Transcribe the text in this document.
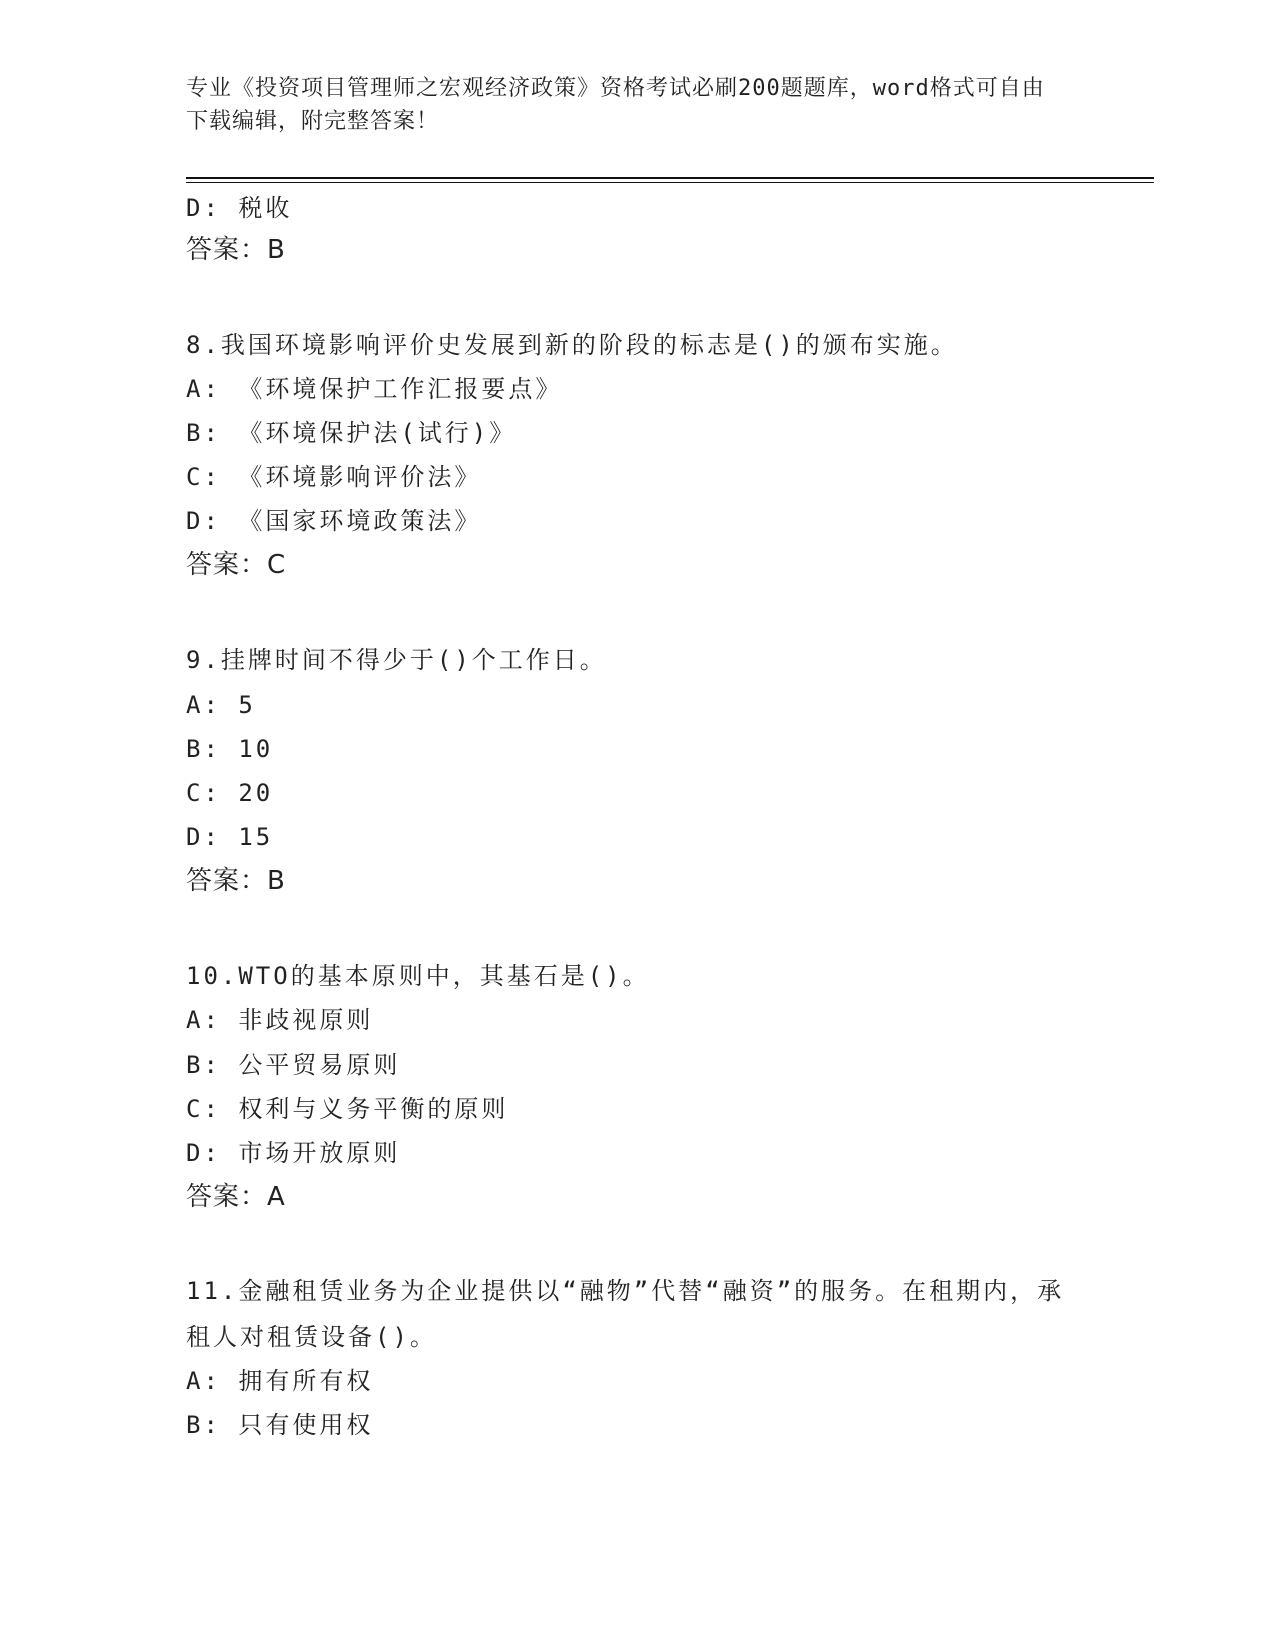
专业《投资项目管理师之宏观经济政策》资格考试必刷200题题库，word格式可自由下载编辑，附完整答案！
D: 税收
答案：B
8.我国环境影响评价史发展到新的阶段的标志是()的颁布实施。
A: 《环境保护工作汇报要点》
B: 《环境保护法(试行)》
C: 《环境影响评价法》
D: 《国家环境政策法》
答案：C
9.挂牌时间不得少于()个工作日。
A: 5
B: 10
C: 20
D: 15
答案：B
10.WTO的基本原则中，其基石是()。
A: 非歧视原则
B: 公平贸易原则
C: 权利与义务平衡的原则
D: 市场开放原则
答案：A
11.金融租赁业务为企业提供以“融物”代替“融资”的服务。在租期内，承租人对租赁设备()。
A: 拥有所有权
B: 只有使用权
